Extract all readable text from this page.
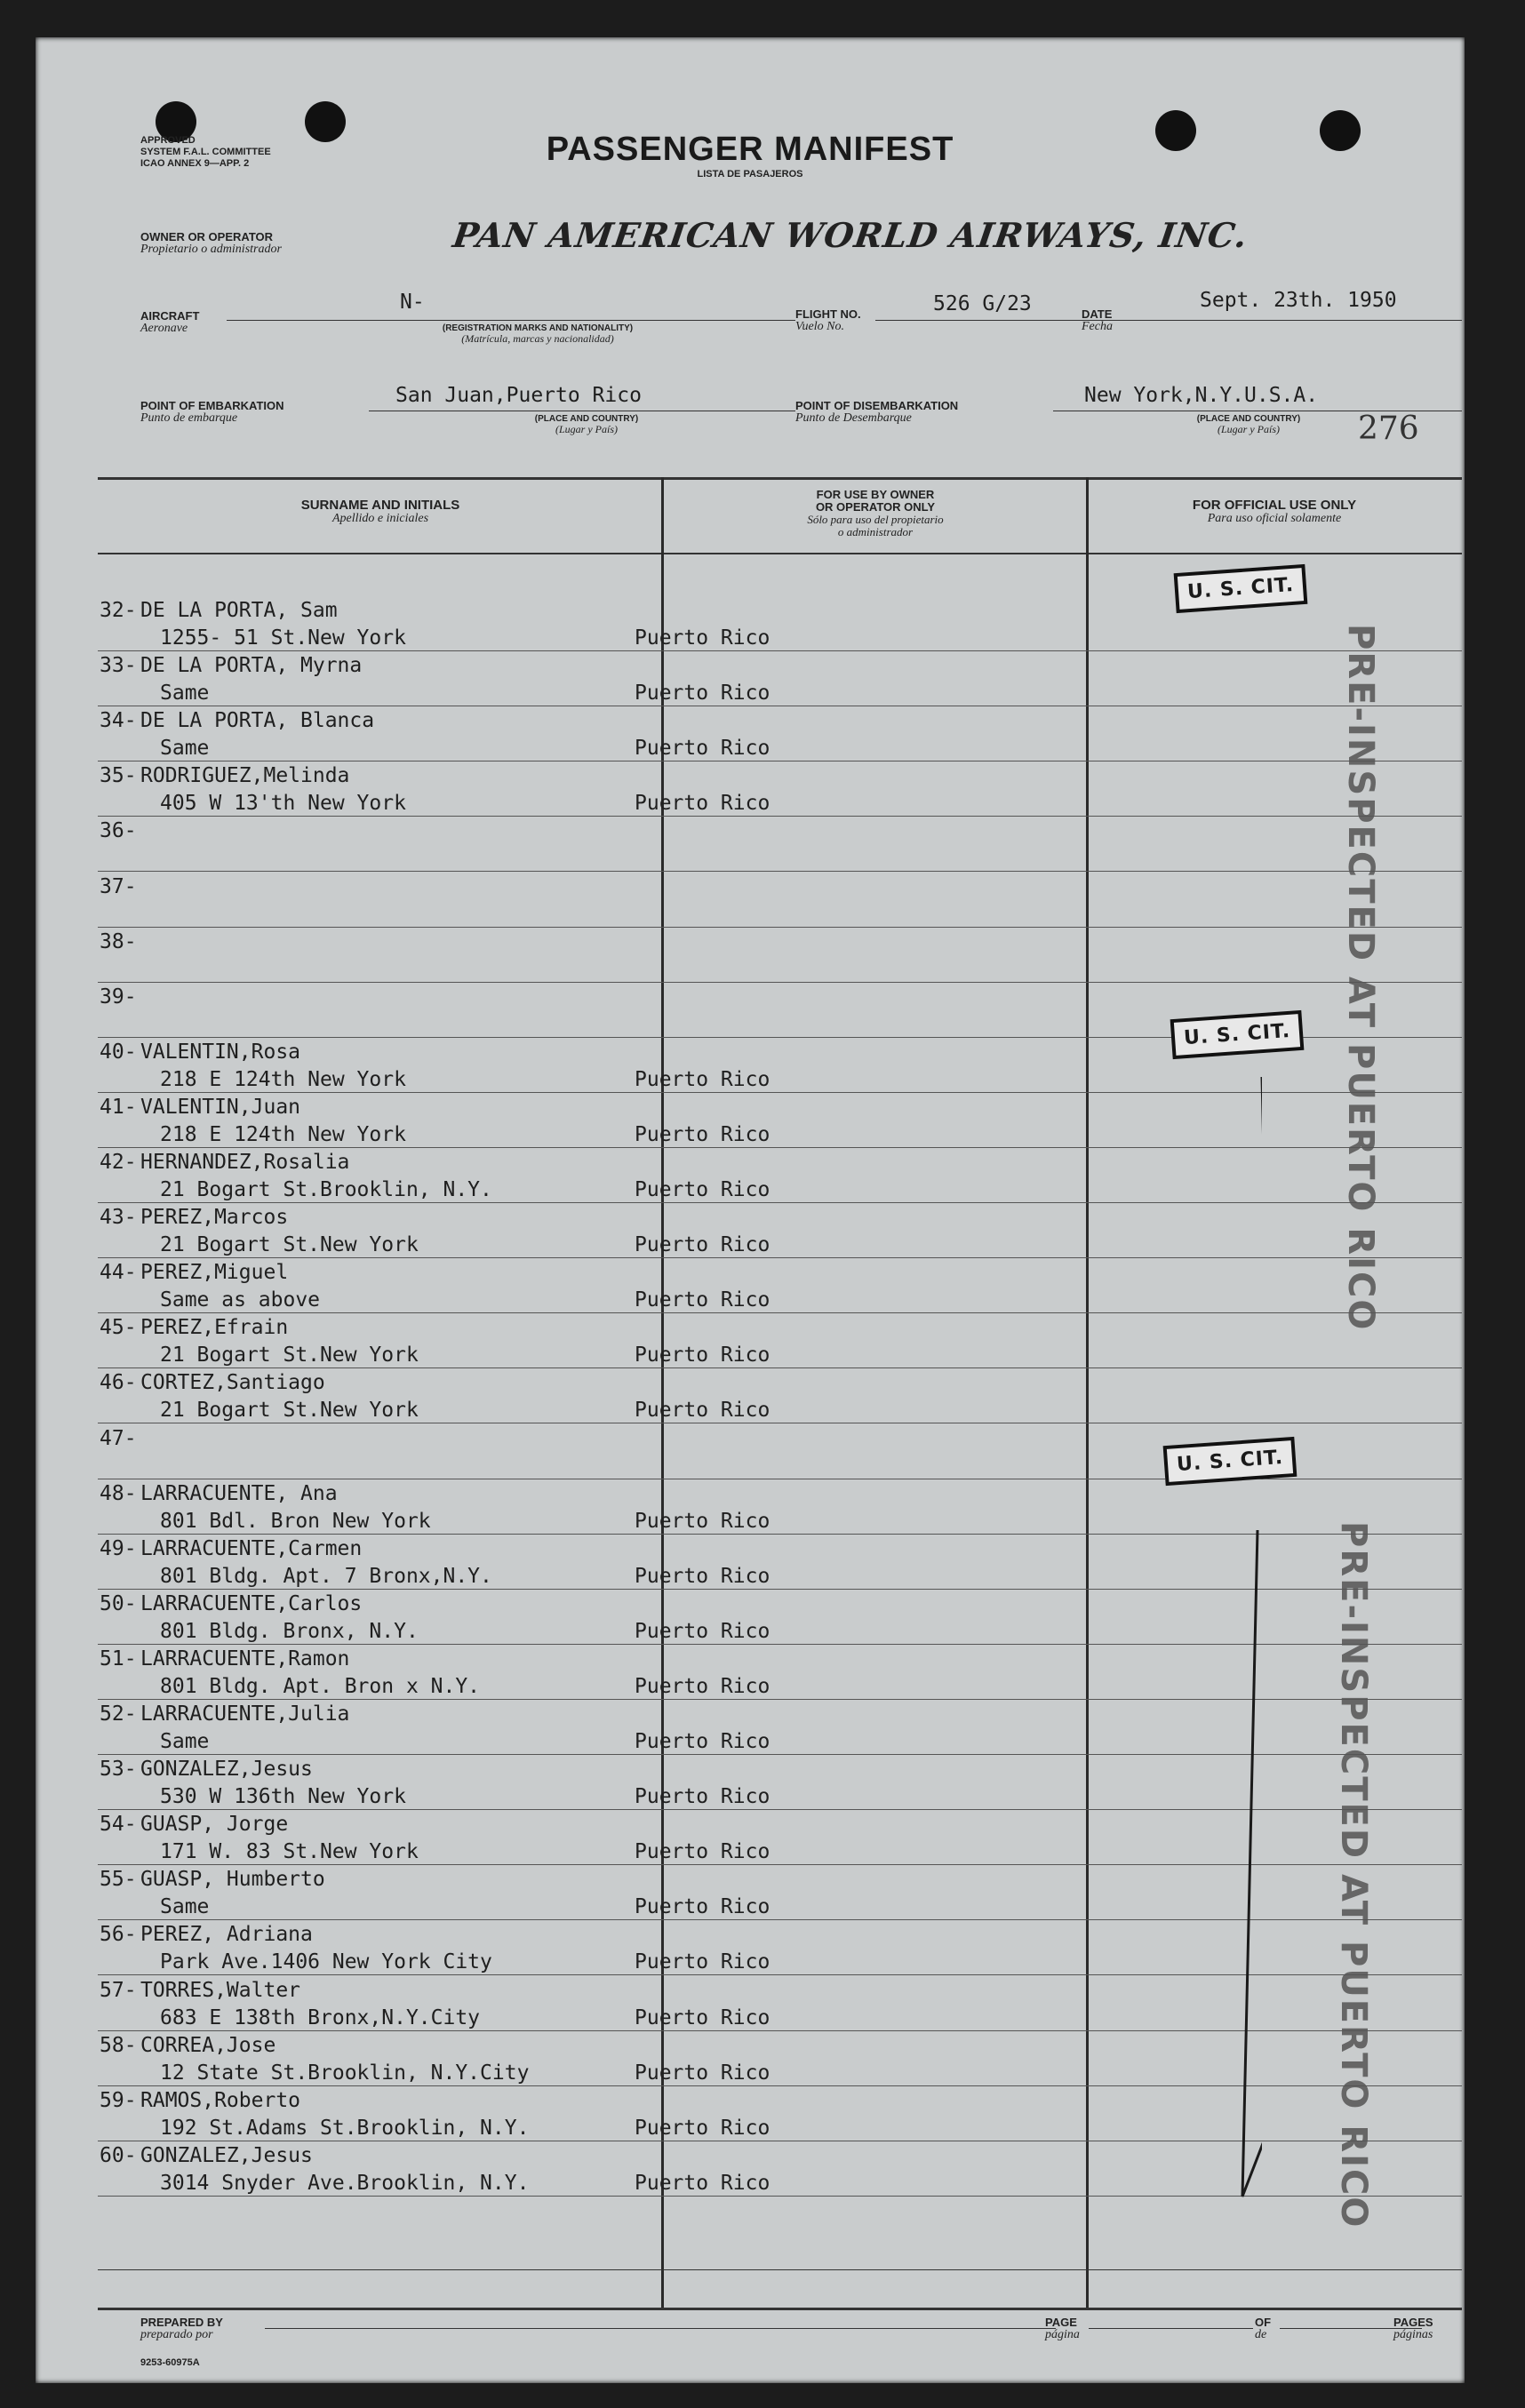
APPROVED
SYSTEM F.A.L. COMMITTEE
ICAO ANNEX 9—APP. 2	PASSENGER MANIFEST
LISTA DE PASAJEROS
OWNER OR OPERATOR
Propietario o administrador	PAN AMERICAN WORLD AIRWAYS, INC.
AIRCRAFT
Aeronave
N-
(REGISTRATION MARKS AND NATIONALITY)
(Matrícula, marcas y nacionalidad)
FLIGHT NO.
Vuelo No.
526 G/23	DATE
Fecha
Sept. 23th. 1950
POINT OF EMBARKATION
Punto de embarque
San Juan,Puerto Rico
(PLACE AND COUNTRY)
(Lugar y País)
POINT OF DISEMBARKATION
Punto de Desembarque
New York,N.Y.U.S.A.
(PLACE AND COUNTRY)
(Lugar y País)	276
SURNAME AND INITIALS
Apellido e iniciales
FOR USE BY OWNER
OR OPERATOR ONLY
Sólo para uso del propietario
o administrador
FOR OFFICIAL USE ONLY
Para uso oficial solamente
32- DE LA PORTA, Sam
1255- 51 St.New York	Puerto Rico
33- DE LA PORTA, Myrna
Same	Puerto Rico
34- DE LA PORTA, Blanca
Same	Puerto Rico
35- RODRIGUEZ,Melinda
405 W 13'th New York	Puerto Rico
36-
37-
38-
39-
40- VALENTIN,Rosa
218 E 124th New York	Puerto Rico
41- VALENTIN,Juan
218 E 124th New York	Puerto Rico
42- HERNANDEZ,Rosalia
21 Bogart St.Brooklin, N.Y.	Puerto Rico
43- PEREZ,Marcos
21 Bogart St.New York	Puerto Rico
44- PEREZ,Miguel
Same as above	Puerto Rico
45- PEREZ,Efrain
21 Bogart St.New York	Puerto Rico
46- CORTEZ,Santiago
21 Bogart St.New York	Puerto Rico
47-
48- LARRACUENTE, Ana
801 Bdl. Bron New York	Puerto Rico
49- LARRACUENTE,Carmen
801 Bldg. Apt. 7 Bronx,N.Y.	Puerto Rico
50- LARRACUENTE,Carlos
801 Bldg. Bronx, N.Y.	Puerto Rico
51- LARRACUENTE,Ramon
801 Bldg. Apt. Bron x N.Y.	Puerto Rico
52- LARRACUENTE,Julia
Same	Puerto Rico
53- GONZALEZ,Jesus
530 W 136th New York	Puerto Rico
54- GUASP, Jorge
171 W. 83 St.New York	Puerto Rico
55- GUASP, Humberto
Same	Puerto Rico
56- PEREZ, Adriana
Park Ave.1406 New York City	Puerto Rico
57- TORRES,Walter
683 E 138th Bronx,N.Y.City	Puerto Rico
58- CORREA,Jose
12 State St.Brooklin, N.Y.City	Puerto Rico
59- RAMOS,Roberto
192 St.Adams St.Brooklin, N.Y.	Puerto Rico
60- GONZALEZ,Jesus
3014 Snyder Ave.Brooklin, N.Y.	Puerto Rico
U. S. CIT.
U. S. CIT.
U. S. CIT.
PRE-INSPECTED AT PUERTO RICO
PRE-INSPECTED AT PUERTO RICO
PREPARED BY
preparado por
PAGE
página
OF
de
PAGES
páginas
9253-60975A
